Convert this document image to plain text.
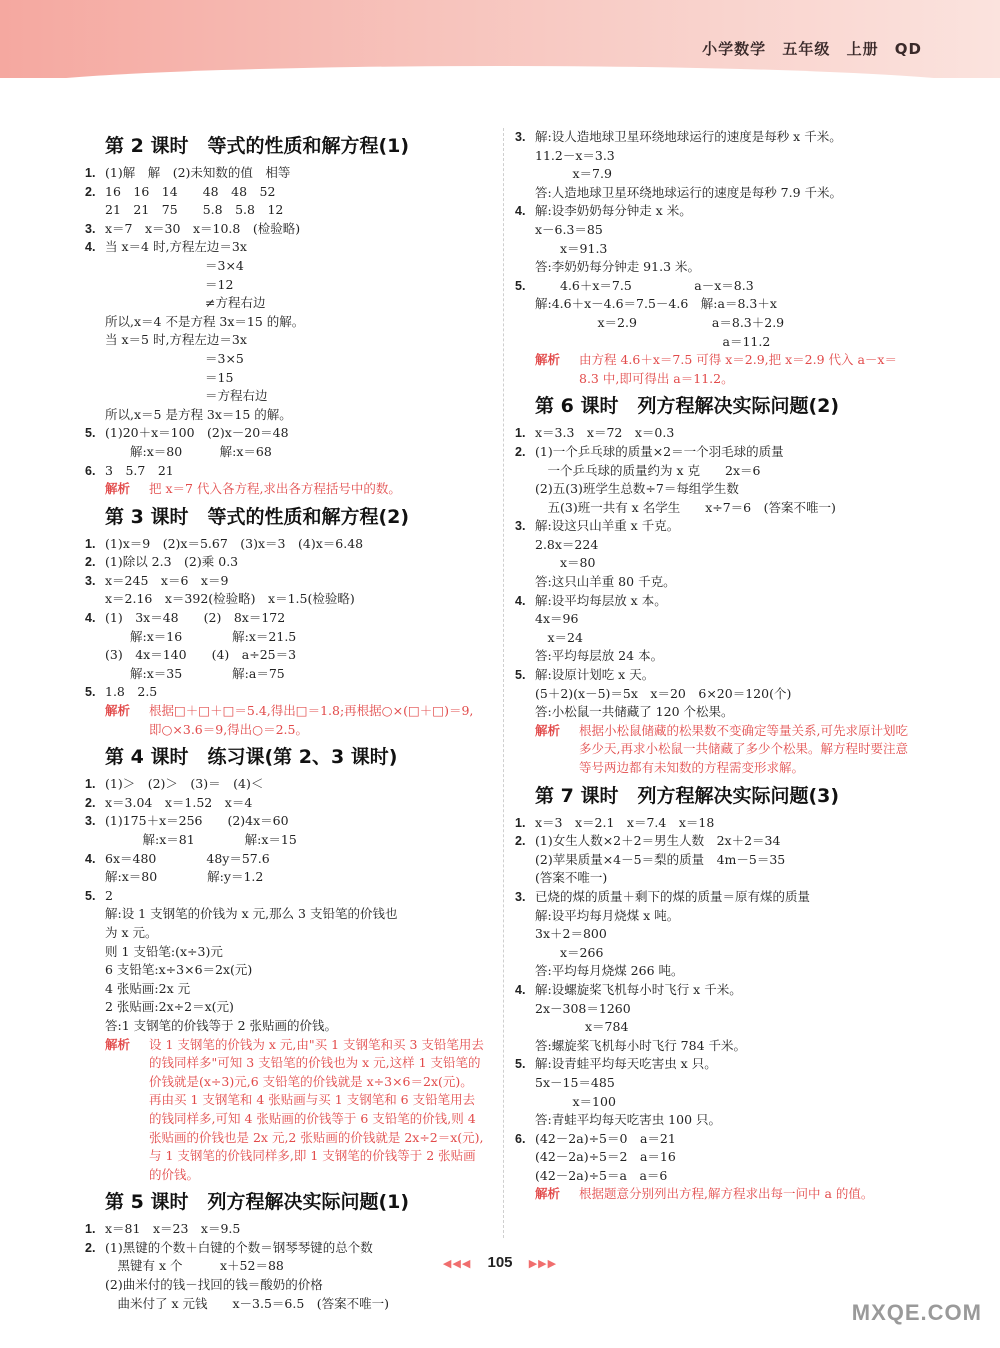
小学数学 五年级 上册 QD
第 2 课时　等式的性质和解方程(1)
1. (1)解　解　(2)未知数的值　相等
2. 16　16　14　　48　48　52
21　21　75　　5.8　5.8　12
3. x＝7　x＝30　x＝10.8　(检验略)
4. 当 x＝4 时,方程左边＝3x
　　　　　　　　＝3×4
　　　　　　　　＝12
　　　　　　　　≠方程右边
所以,x＝4 不是方程 3x＝15 的解。
当 x＝5 时,方程左边＝3x
　　　　　　　　＝3×5
　　　　　　　　＝15
　　　　　　　　＝方程右边
所以,x＝5 是方程 3x＝15 的解。
5. (1)20＋x＝100　(2)x－20＝48
　　解:x＝80　　　解:x＝68
6. 3　5.7　21
解析	把 x＝7 代入各方程,求出各方程括号中的数。
第 3 课时　等式的性质和解方程(2)
1. (1)x＝9　(2)x＝5.67　(3)x＝3　(4)x＝6.48
2. (1)除以 2.3　(2)乘 0.3
3. x＝245　x＝6　x＝9
x＝2.16　x＝392(检验略)　x＝1.5(检验略)
4. (1)　3x＝48　　(2)　8x＝172
　　解:x＝16　　　　解:x＝21.5
(3)　4x＝140　　(4)　a÷25＝3
　　解:x＝35　　　　解:a＝75
5. 1.8　2.5
解析	根据□＋□＋□＝5.4,得出□＝1.8;再根据○×(□＋□)＝9,即○×3.6＝9,得出○＝2.5。
第 4 课时　练习课(第 2、3 课时)
1. (1)＞　(2)＞　(3)＝　(4)＜
2. x＝3.04　x＝1.52　x＝4
3. (1)175＋x＝256　　(2)4x＝60
　　　解:x＝81　　　　解:x＝15
4. 6x＝480　　　　48y＝57.6
解:x＝80　　　　解:y＝1.2
5. 2
解:设 1 支钢笔的价钱为 x 元,那么 3 支铅笔的价钱也
为 x 元。
则 1 支铅笔:(x÷3)元
6 支铅笔:x÷3×6＝2x(元)
4 张贴画:2x 元
2 张贴画:2x÷2＝x(元)
答:1 支钢笔的价钱等于 2 张贴画的价钱。
解析	设 1 支钢笔的价钱为 x 元,由"买 1 支钢笔和买 3 支铅笔用去的钱同样多"可知 3 支铅笔的价钱也为 x 元,这样 1 支铅笔的价钱就是(x÷3)元,6 支铅笔的价钱就是 x÷3×6＝2x(元)。再由买 1 支钢笔和 4 张贴画与买 1 支钢笔和 6 支铅笔用去的钱同样多,可知 4 张贴画的价钱等于 6 支铅笔的价钱,则 4 张贴画的价钱也是 2x 元,2 张贴画的价钱就是 2x÷2＝x(元),与 1 支钢笔的价钱同样多,即 1 支钢笔的价钱等于 2 张贴画的价钱。
第 5 课时　列方程解决实际问题(1)
1. x＝81　x＝23　x＝9.5
2. (1)黑键的个数＋白键的个数＝钢琴琴键的总个数
　黑键有 x 个　　　x＋52＝88
(2)曲米付的钱－找回的钱＝酸奶的价格
　曲米付了 x 元钱　　x－3.5＝6.5　(答案不唯一)
3. 解:设人造地球卫星环绕地球运行的速度是每秒 x 千米。
11.2－x＝3.3
　　　x＝7.9
答:人造地球卫星环绕地球运行的速度是每秒 7.9 千米。
4. 解:设李奶奶每分钟走 x 米。
x－6.3＝85
　　x＝91.3
答:李奶奶每分钟走 91.3 米。
5. 　　4.6＋x＝7.5　　　　　a－x＝8.3
解:4.6＋x－4.6＝7.5－4.6　解:a＝8.3＋x
　　　　　x＝2.9　　　　　　a＝8.3＋2.9
　　　　　　　　　　　　　　　a＝11.2
解析	由方程 4.6＋x＝7.5 可得 x＝2.9,把 x＝2.9 代入 a－x＝8.3 中,即可得出 a＝11.2。
第 6 课时　列方程解决实际问题(2)
1. x＝3.3　x＝72　x＝0.3
2. (1)一个乒乓球的质量×2＝一个羽毛球的质量
　一个乒乓球的质量约为 x 克　　2x＝6
(2)五(3)班学生总数÷7＝每组学生数
　五(3)班一共有 x 名学生　　x÷7＝6　(答案不唯一)
3. 解:设这只山羊重 x 千克。
2.8x＝224
　　x＝80
答:这只山羊重 80 千克。
4. 解:设平均每层放 x 本。
4x＝96
　x＝24
答:平均每层放 24 本。
5. 解:设原计划吃 x 天。
(5＋2)(x－5)＝5x　x＝20　6×20＝120(个)
答:小松鼠一共储藏了 120 个松果。
解析	根据小松鼠储藏的松果数不变确定等量关系,可先求原计划吃多少天,再求小松鼠一共储藏了多少个松果。解方程时要注意等号两边都有未知数的方程需变形求解。
第 7 课时　列方程解决实际问题(3)
1. x＝3　x＝2.1　x＝7.4　x＝18
2. (1)女生人数×2＋2＝男生人数　2x＋2＝34
(2)苹果质量×4－5＝梨的质量　4m－5＝35
(答案不唯一)
3. 已烧的煤的质量＋剩下的煤的质量＝原有煤的质量
解:设平均每月烧煤 x 吨。
3x＋2＝800
　　x＝266
答:平均每月烧煤 266 吨。
4. 解:设螺旋桨飞机每小时飞行 x 千米。
2x－308＝1260
　　　　x＝784
答:螺旋桨飞机每小时飞行 784 千米。
5. 解:设青蛙平均每天吃害虫 x 只。
5x－15＝485
　　　x＝100
答:青蛙平均每天吃害虫 100 只。
6. (42－2a)÷5＝0　a＝21
(42－2a)÷5＝2　a＝16
(42－2a)÷5＝a　a＝6
解析	根据题意分别列出方程,解方程求出每一问中 a 的值。
◀◀◀ 105 ▶▶▶
MXQE.COM
